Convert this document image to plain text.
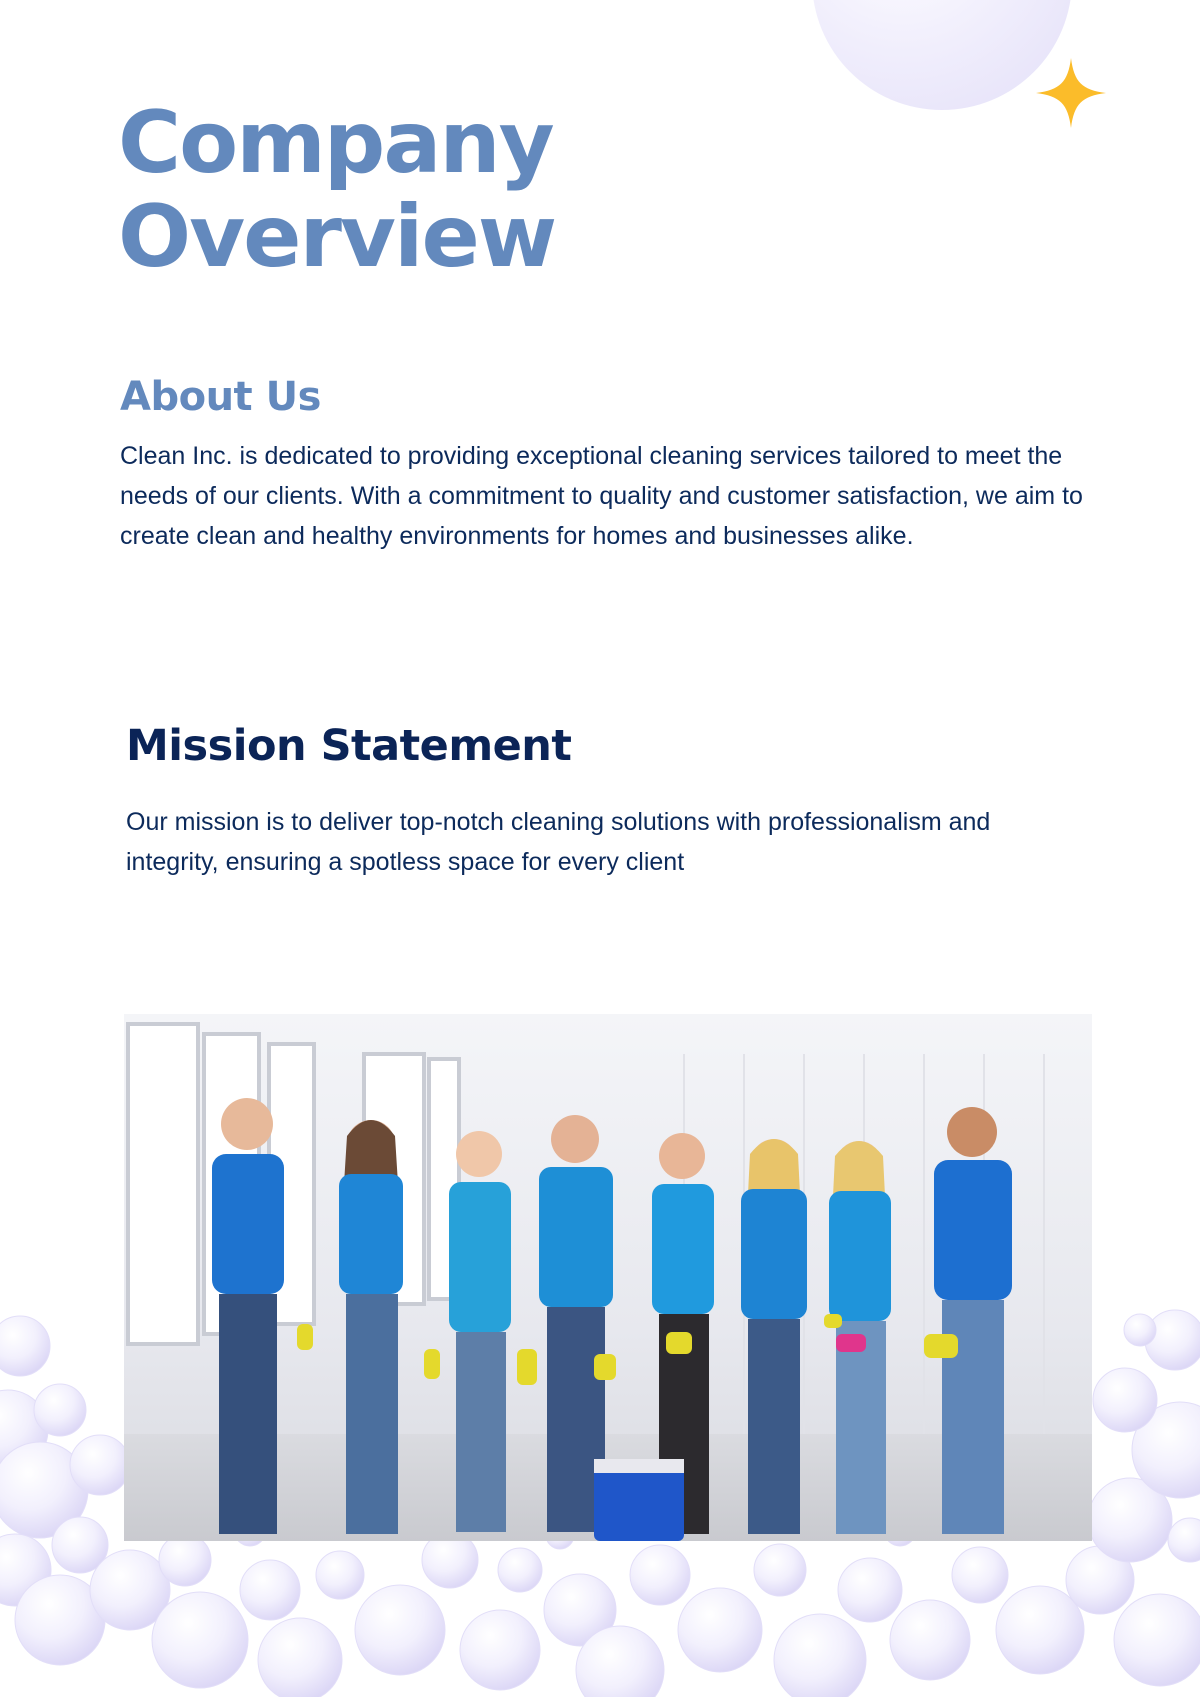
Company
Overview
About Us

Clean Inc. is dedicated to providing exceptional cleaning services tailored to meet the needs of our clients. With a commitment to quality and customer satisfaction, we aim to create clean and healthy environments for homes and businesses alike.

Mission Statement

Our mission is to deliver top-notch cleaning solutions with professionalism and integrity, ensuring a spotless space for every client
